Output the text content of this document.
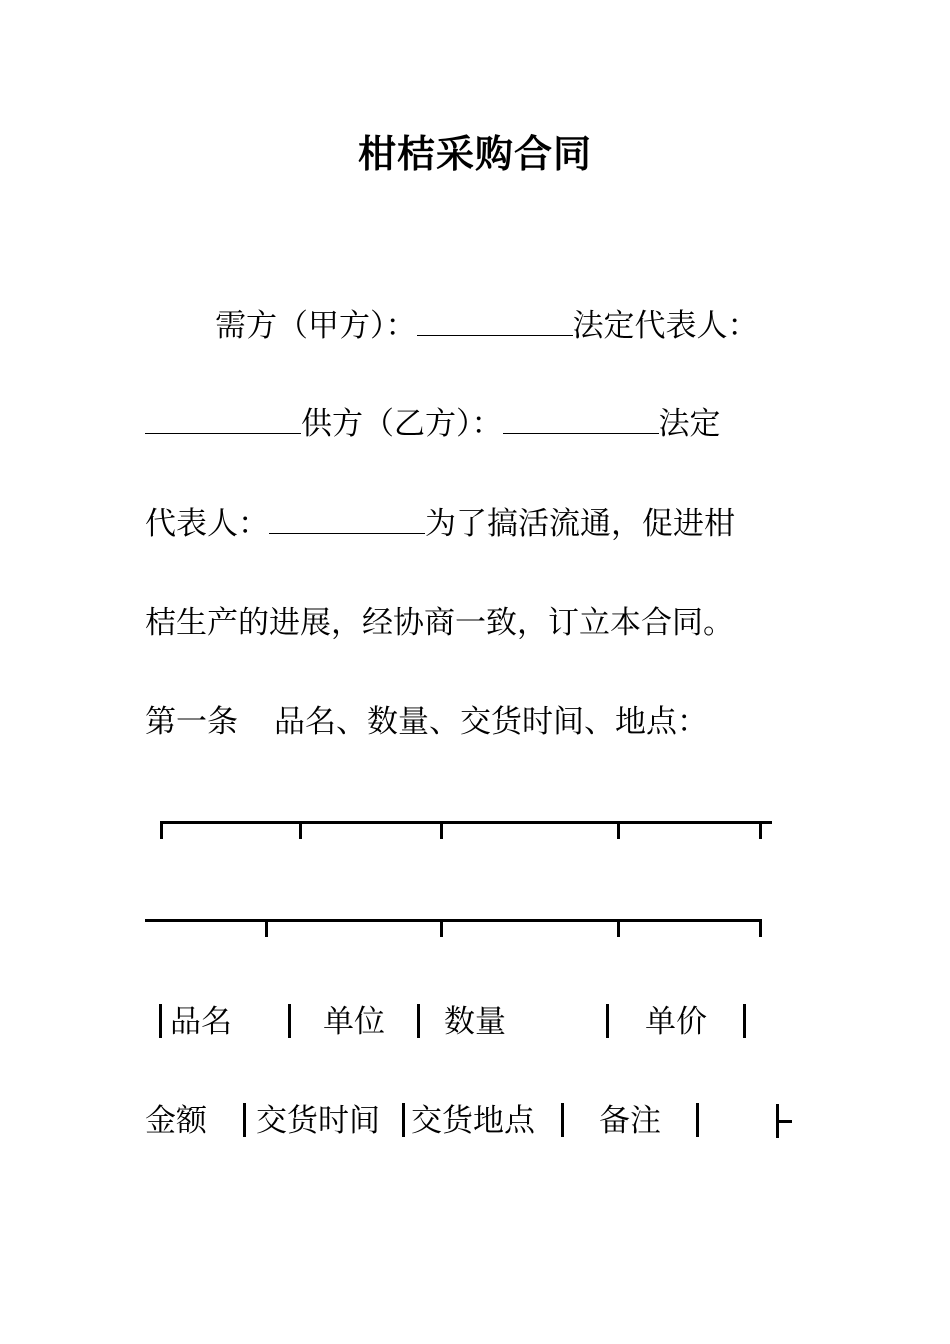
柑桔采购合同
需方（甲方）：	法定代表人：
供方（乙方）：	法定
代表人：	为了搞活流通，促进柑
桔生产的进展，经协商一致，订立本合同。
第一条 品名、数量、交货时间、地点：
品名	单位 数量	单价
金额 交货时间 交货地点 备注
